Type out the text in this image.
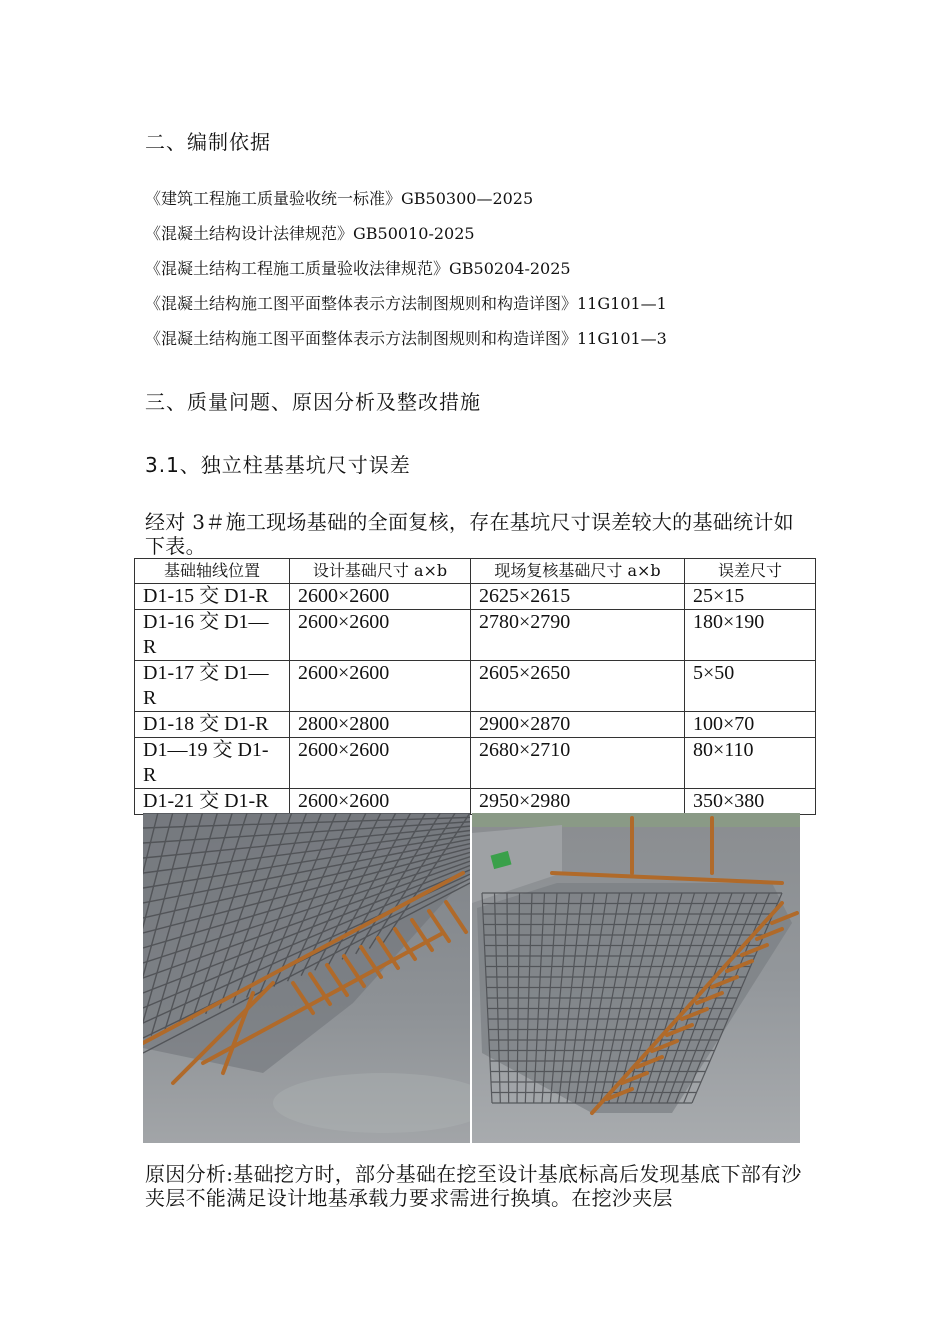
二、编制依据
《建筑工程施工质量验收统一标准》GB50300—2025
《混凝土结构设计法律规范》GB50010-2025
《混凝土结构工程施工质量验收法律规范》GB50204-2025
《混凝土结构施工图平面整体表示方法制图规则和构造详图》11G101—1
《混凝土结构施工图平面整体表示方法制图规则和构造详图》11G101—3
三、质量问题、原因分析及整改措施
3.1、独立柱基基坑尺寸误差
经对 3＃施工现场基础的全面复核，存在基坑尺寸误差较大的基础统计如下表。
基础轴线位置	设计基础尺寸 a×b	现场复核基础尺寸 a×b	误差尺寸
D1-15 交 D1-R	2600×2600	2625×2615	25×15
D1-16 交 D1—R	2600×2600	2780×2790	180×190
D1-17 交 D1—R	2600×2600	2605×2650	5×50
D1-18 交 D1-R	2800×2800	2900×2870	100×70
D1—19 交 D1-R	2600×2600	2680×2710	80×110
D1-21 交 D1-R	2600×2600	2950×2980	350×380
原因分析:基础挖方时，部分基础在挖至设计基底标高后发现基底下部有沙夹层不能满足设计地基承载力要求需进行换填。在挖沙夹层
